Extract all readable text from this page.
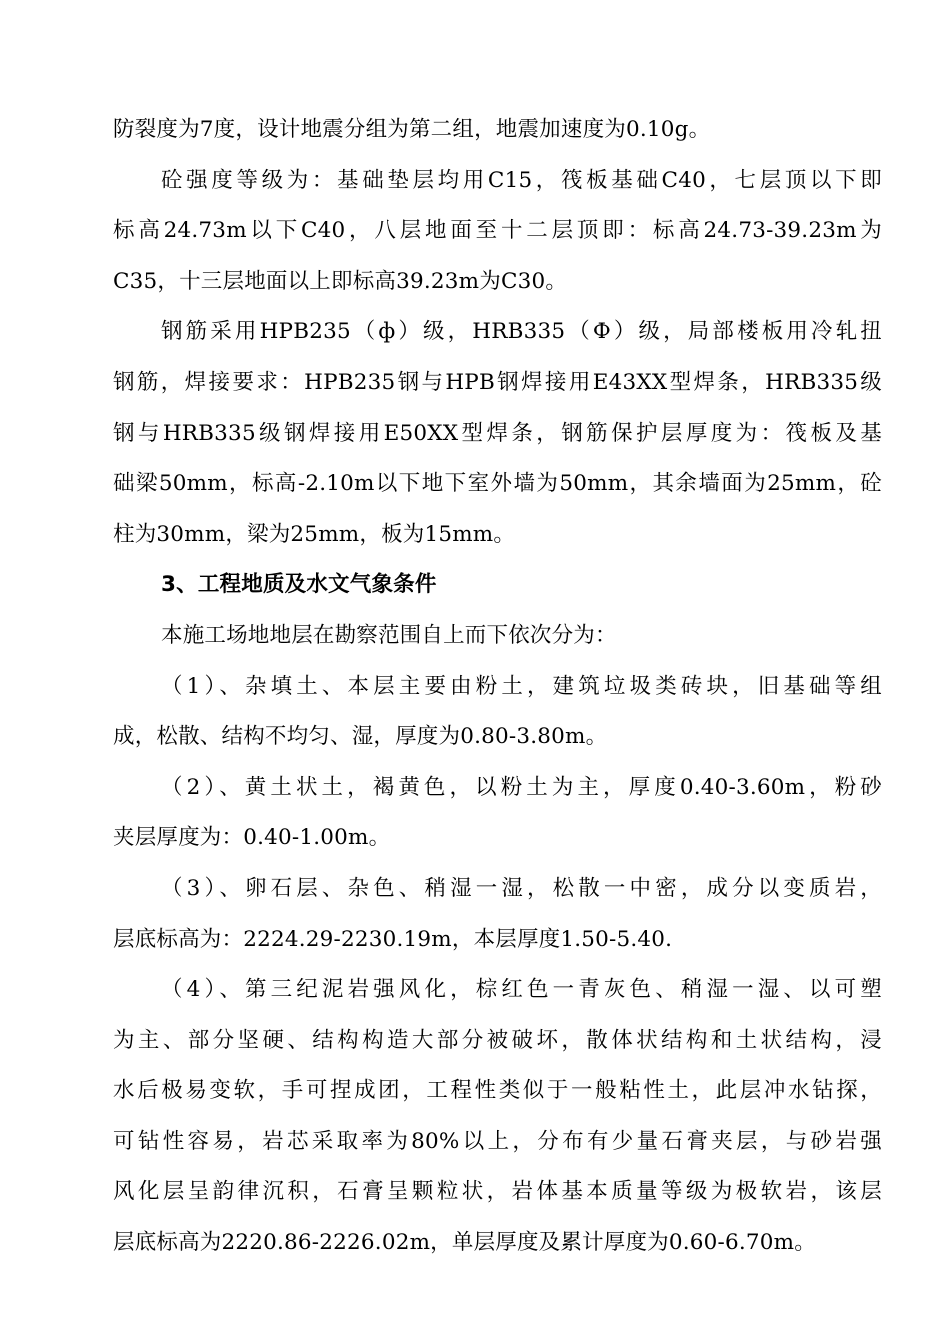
防裂度为7度，设计地震分组为第二组，地震加速度为0.10g。
砼强度等级为：基础垫层均用C15，筏板基础C40，七层顶以下即
标高24.73m以下C40，八层地面至十二层顶即：标高24.73-39.23m为
C35，十三层地面以上即标高39.23m为C30。
钢筋采用HPB235（ф）级，HRB335（Ф）级，局部楼板用冷轧扭
钢筋，焊接要求：HPB235钢与HPB钢焊接用E43XX型焊条，HRB335级
钢与HRB335级钢焊接用E50XX型焊条，钢筋保护层厚度为：筏板及基
础梁50mm，标高-2.10m以下地下室外墙为50mm，其余墙面为25mm，砼
柱为30mm，梁为25mm，板为15mm。
3、工程地质及水文气象条件
本施工场地地层在勘察范围自上而下依次分为：
（1）、杂填土、本层主要由粉土，建筑垃圾类砖块，旧基础等组
成，松散、结构不均匀、湿，厚度为0.80-3.80m。
（2）、黄土状土，褐黄色，以粉土为主，厚度0.40-3.60m，粉砂
夹层厚度为：0.40-1.00m。
（3）、卵石层、杂色、稍湿一湿，松散一中密，成分以变质岩，
层底标高为：2224.29-2230.19m，本层厚度1.50-5.40.
（4）、第三纪泥岩强风化，棕红色一青灰色、稍湿一湿、以可塑
为主、部分坚硬、结构构造大部分被破坏，散体状结构和土状结构，浸
水后极易变软，手可捏成团，工程性类似于一般粘性土，此层冲水钻探，
可钻性容易，岩芯采取率为80%以上，分布有少量石膏夹层，与砂岩强
风化层呈韵律沉积，石膏呈颗粒状，岩体基本质量等级为极软岩，该层
层底标高为2220.86-2226.02m，单层厚度及累计厚度为0.60-6.70m。
